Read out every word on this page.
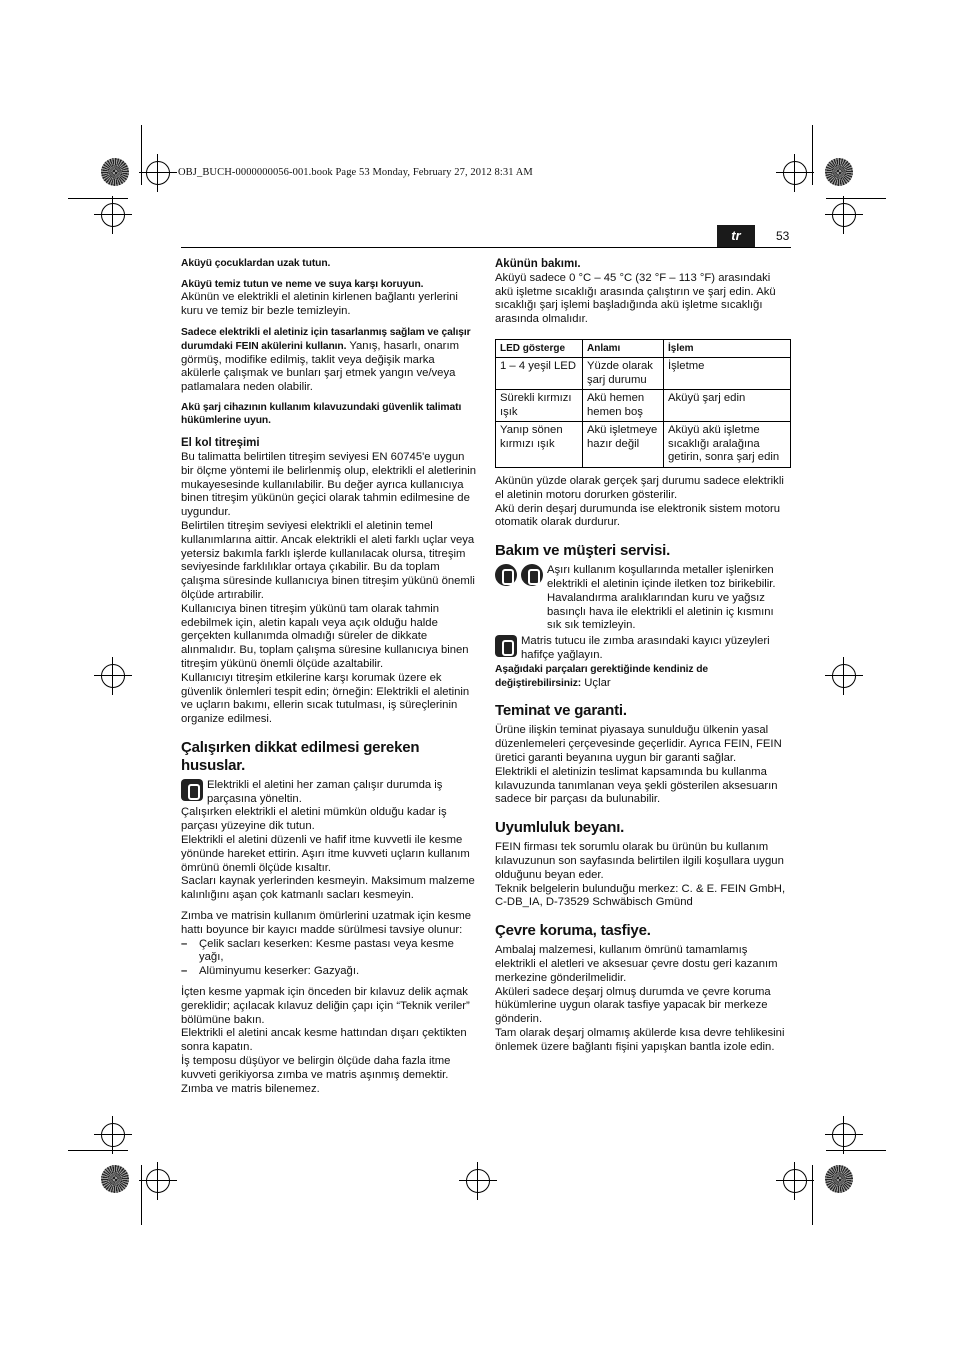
OBJ_BUCH-0000000056-001.book Page 53 Monday, February 27, 2012 8:31 AM
tr	53

Aküyü çocuklardan uzak tutun.

Aküyü temiz tutun ve neme ve suya karşı koruyun.
Akünün ve elektrikli el aletinin kirlenen bağlantı yerlerini kuru ve temiz bir bezle temizleyin.

Sadece elektrikli el aletiniz için tasarlanmış sağlam ve çalışır durumdaki FEIN akülerini kullanın. Yanış, hasarlı, onarım görmüş, modifike edilmiş, taklit veya değişik marka akülerle çalışmak ve bunları şarj etmek yangın ve/veya patlamalara neden olabilir.

Akü şarj cihazının kullanım kılavuzundaki güvenlik talimatı hükümlerine uyun.

El kol titreşimi

Bu talimatta belirtilen titreşim seviyesi EN 60745'e uygun bir ölçme yöntemi ile belirlenmiş olup, elektrikli el aletlerinin mukayesesinde kullanılabilir. Bu değer ayrıca kullanıcıya binen titreşim yükünün geçici olarak tahmin edilmesine de uygundur.

Belirtilen titreşim seviyesi elektrikli el aletinin temel kullanımlarına aittir. Ancak elektrikli el aleti farklı uçlar veya yetersiz bakımla farklı işlerde kullanılacak olursa, titreşim seviyesinde farklılıklar ortaya çıkabilir. Bu da toplam çalışma süresinde kullanıcıya binen titreşim yükünü önemli ölçüde artırabilir.

Kullanıcıya binen titreşim yükünü tam olarak tahmin edebilmek için, aletin kapalı veya açık olduğu halde gerçekten kullanımda olmadığı süreler de dikkate alınmalıdır. Bu, toplam çalışma süresine kullanıcıya binen titreşim yükünü önemli ölçüde azaltabilir.

Kullanıcıyı titreşim etkilerine karşı korumak üzere ek güvenlik önlemleri tespit edin; örneğin: Elektrikli el aletinin ve uçların bakımı, ellerin sıcak tutulması, iş süreçlerinin organize edilmesi.

Çalışırken dikkat edilmesi gereken hususlar.
Elektrikli el aletini her zaman çalışır durumda iş parçasına yöneltin.

Çalışırken elektrikli el aletini mümkün olduğu kadar iş parçası yüzeyine dik tutun.

Elektrikli el aletini düzenli ve hafif itme kuvvetli ile kesme yönünde hareket ettirin. Aşırı itme kuvveti uçların kullanım ömrünü önemli ölçüde kısaltır.

Sacları kaynak yerlerinden kesmeyin. Maksimum malzeme kalınlığını aşan çok katmanlı sacları kesmeyin.

Zımba ve matrisin kullanım ömürlerini uzatmak için kesme hattı boyunce bir kayıcı madde sürülmesi tavsiye olunur:

–	Çelik sacları keserken: Kesme pastası veya kesme yağı,
–	Alüminyumu keserker: Gazyağı.

İçten kesme yapmak için önceden bir kılavuz delik açmak gereklidir; açılacak kılavuz deliğin çapı için “Teknik veriler” bölümüne bakın.

Elektrikli el aletini ancak kesme hattından dışarı çektikten sonra kapatın.

İş temposu düşüyor ve belirgin ölçüde daha fazla itme kuvveti gerikiyorsa zımba ve matris aşınmış demektir.

Zımba ve matris bilenemez.

Akünün bakımı.

Aküyü sadece 0 °C – 45 °C (32 °F – 113 °F) arasındaki akü işletme sıcaklığı arasında çalıştırın ve şarj edin. Akü sıcaklığı şarj işlemi başladığında akü işletme sıcaklığı arasında olmalıdır.

LED gösterge	Anlamı	İşlem
1 – 4 yeşil LED	Yüzde olarak şarj durumu	İşletme
Sürekli kırmızı ışık	Akü hemen hemen boş	Aküyü şarj edin
Yanıp sönen kırmızı ışık	Akü işletmeye hazır değil	Aküyü akü işletme sıcaklığı aralağına getirin, sonra şarj edin

Akünün yüzde olarak gerçek şarj durumu sadece elektrikli el aletinin motoru dorurken gösterilir.

Akü derin deşarj durumunda ise elektronik sistem motoru otomatik olarak durdurur.

Bakım ve müşteri servisi.
Aşırı kullanım koşullarında metaller işlenirken elektrikli el aletinin içinde iletken toz birikebilir. Havalandırma aralıklarından kuru ve yağsız basınçlı hava ile elektrikli el aletinin iç kısmını sık sık temizleyin.
Matris tutucu ile zımba arasındaki kayıcı yüzeyleri hafifçe yağlayın.

Aşağıdaki parçaları gerektiğinde kendiniz de değiştirebilirsiniz: Uçlar

Teminat ve garanti.

Ürüne ilişkin teminat piyasaya sunulduğu ülkenin yasal düzenlemeleri çerçevesinde geçerlidir. Ayrıca FEIN, FEIN üretici garanti beyanına uygun bir garanti sağlar.

Elektrikli el aletinizin teslimat kapsamında bu kullanma kılavuzunda tanımlanan veya şekli gösterilen aksesuarın sadece bir parçası da bulunabilir.

Uyumluluk beyanı.

FEIN firması tek sorumlu olarak bu ürünün bu kullanım kılavuzunun son sayfasında belirtilen ilgili koşullara uygun olduğunu beyan eder.

Teknik belgelerin bulunduğu merkez: C. & E. FEIN GmbH, C-DB_IA, D-73529 Schwäbisch Gmünd

Çevre koruma, tasfiye.

Ambalaj malzemesi, kullanım ömrünü tamamlamış elektrikli el aletleri ve aksesuar çevre dostu geri kazanım merkezine gönderilmelidir.

Aküleri sadece deşarj olmuş durumda ve çevre koruma hükümlerine uygun olarak tasfiye yapacak bir merkeze gönderin.

Tam olarak deşarj olmamış akülerde kısa devre tehlikesini önlemek üzere bağlantı fişini yapışkan bantla izole edin.
